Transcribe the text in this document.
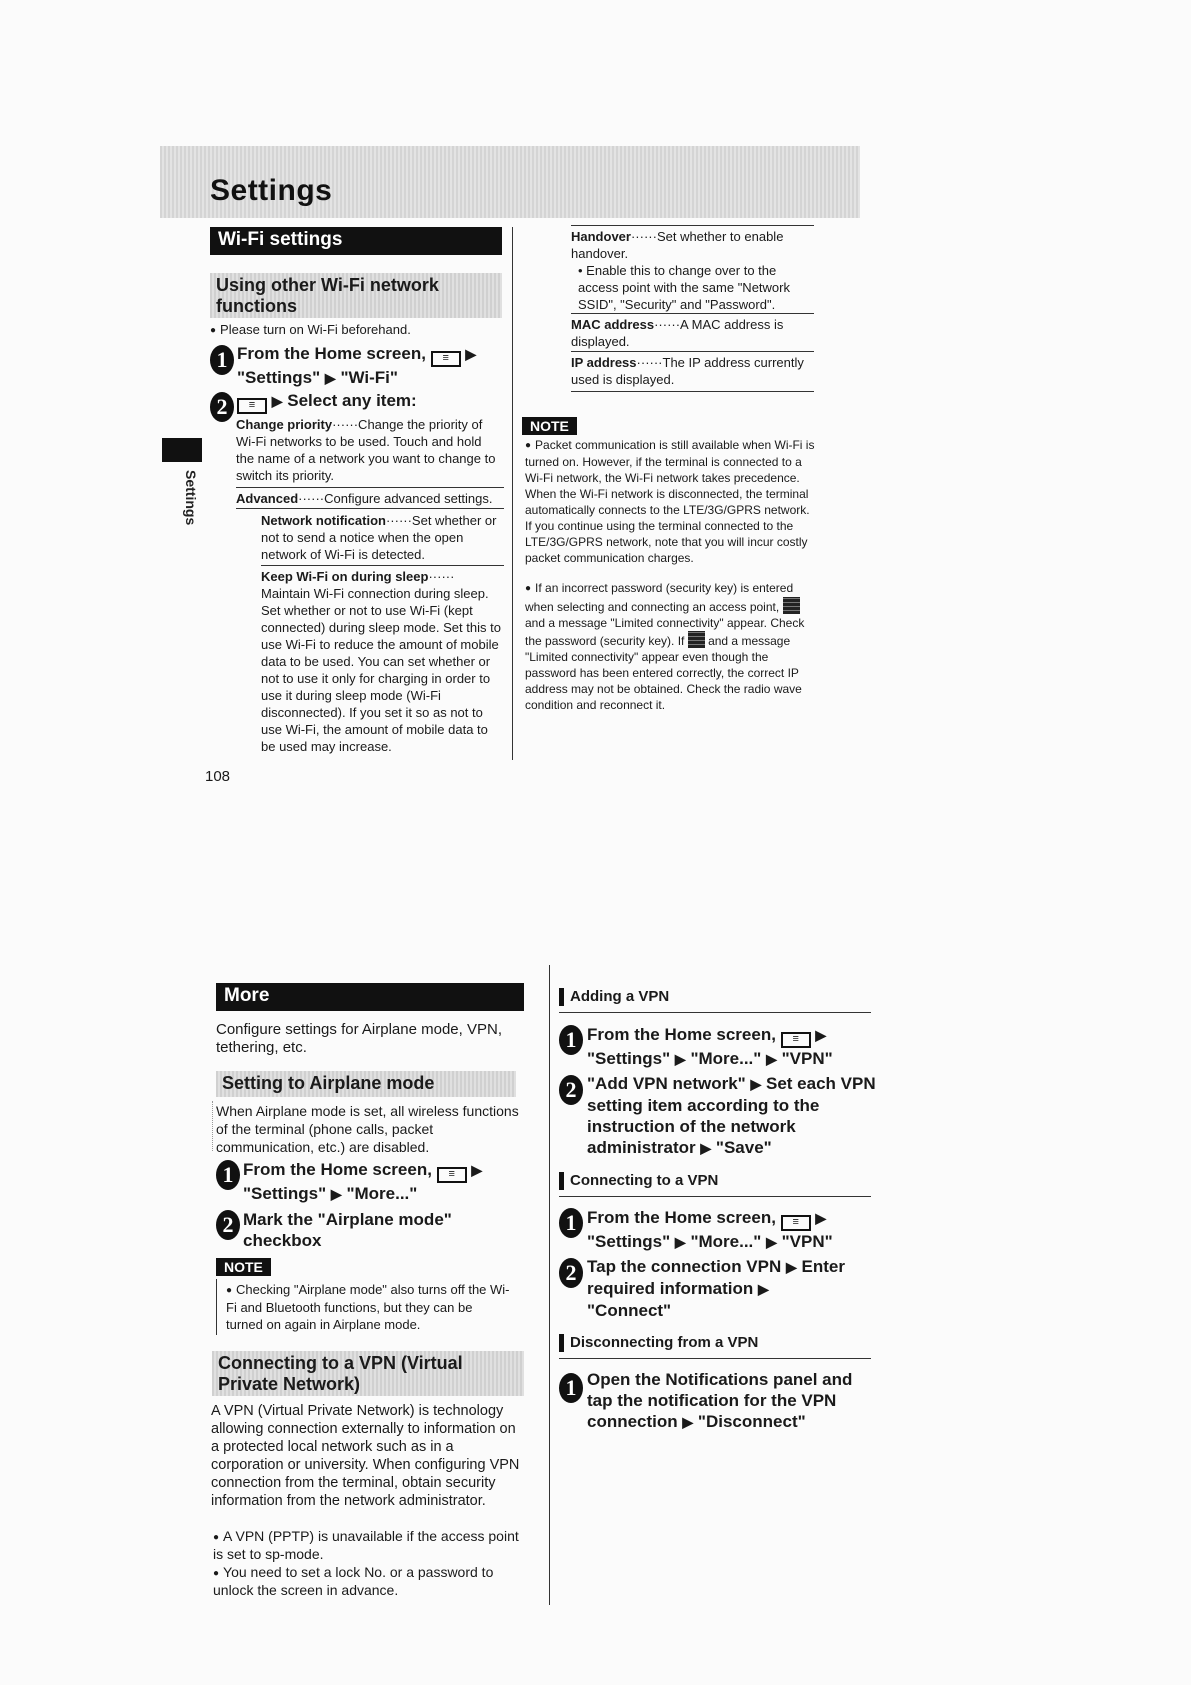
Settings
Settings
Wi-Fi settings
Using other Wi-Fi network functions
● Please turn on Wi-Fi beforehand.
1 From the Home screen, ≡ ▶
"Settings" ▶ "Wi-Fi"
2	≡ ▶ Select any item:
Change priority······Change the priority of Wi-Fi networks to be used. Touch and hold the name of a network you want to change to switch its priority.
Advanced······Configure advanced settings.
Network notification······Set whether or not to send a notice when the open network of Wi-Fi is detected.
Keep Wi-Fi on during sleep······ Maintain Wi-Fi connection during sleep. Set whether or not to use Wi-Fi (kept connected) during sleep mode. Set this to use Wi-Fi to reduce the amount of mobile data to be used. You can set whether or not to use it only for charging in order to use it during sleep mode (Wi-Fi disconnected). If you set it so as not to use Wi-Fi, the amount of mobile data to be used may increase.
Handover······Set whether to enable handover.
• Enable this to change over to the access point with the same "Network SSID", "Security" and "Password".
MAC address······A MAC address is displayed.
IP address······The IP address currently used is displayed.
NOTE
● Packet communication is still available when Wi-Fi is turned on. However, if the terminal is connected to a Wi-Fi network, the Wi-Fi network takes precedence. When the Wi-Fi network is disconnected, the terminal automatically connects to the LTE/3G/GPRS network. If you continue using the terminal connected to the LTE/3G/GPRS network, note that you will incur costly packet communication charges.
● If an incorrect password (security key) is entered when selecting and connecting an access point,  and a message "Limited connectivity" appear. Check the password (security key). If and a message "Limited connectivity" appear even though the password has been entered correctly, the correct IP address may not be obtained. Check the radio wave condition and reconnect it.
108
More
Configure settings for Airplane mode, VPN, tethering, etc.
Setting to Airplane mode
When Airplane mode is set, all wireless functions of the terminal (phone calls, packet communication, etc.) are disabled.
1 From the Home screen, ≡ ▶
"Settings" ▶ "More..."
2 Mark the "Airplane mode" checkbox
NOTE
● Checking "Airplane mode" also turns off the Wi-Fi and Bluetooth functions, but they can be turned on again in Airplane mode.
Connecting to a VPN (Virtual Private Network)
A VPN (Virtual Private Network) is technology allowing connection externally to information on a protected local network such as in a corporation or university. When configuring VPN connection from the terminal, obtain security information from the network administrator.
● A VPN (PPTP) is unavailable if the access point is set to sp-mode.
● You need to set a lock No. or a password to unlock the screen in advance.
Adding a VPN
1 From the Home screen, ≡ ▶
"Settings" ▶ "More..." ▶ "VPN"
2 "Add VPN network" ▶ Set each VPN setting item according to the instruction of the network administrator ▶ "Save"
Connecting to a VPN
1 From the Home screen, ≡ ▶
"Settings" ▶ "More..." ▶ "VPN"
2 Tap the connection VPN ▶ Enter required information ▶
"Connect"
Disconnecting from a VPN
1 Open the Notifications panel and tap the notification for the VPN connection ▶ "Disconnect"
